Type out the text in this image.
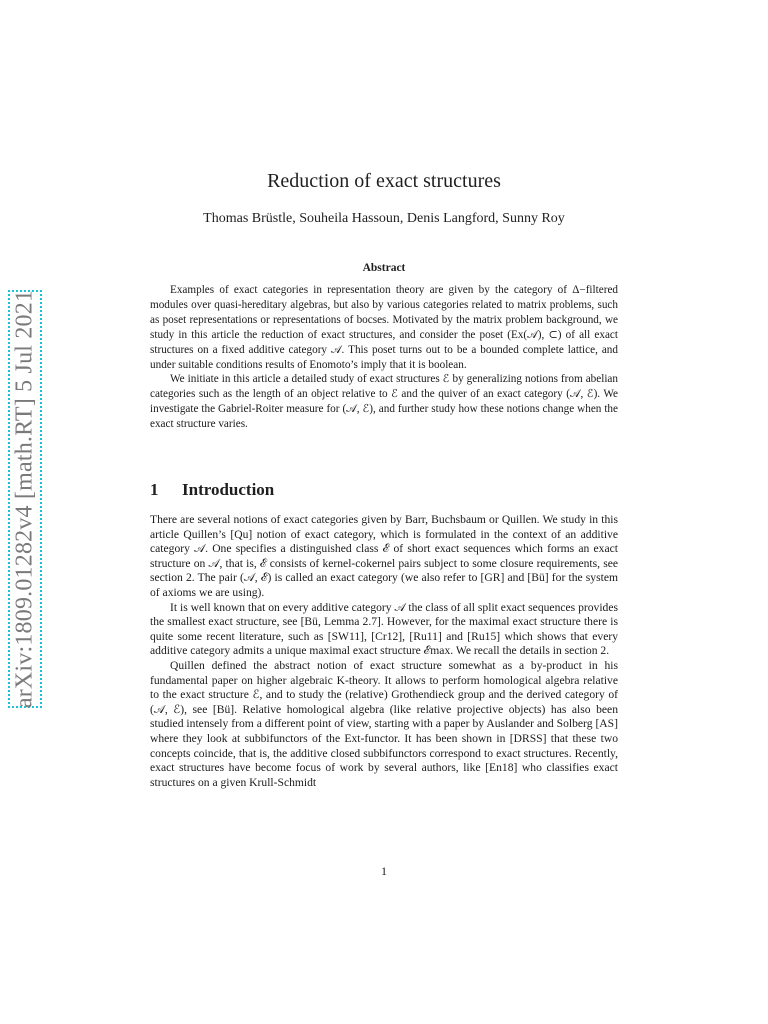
arXiv:1809.01282v4 [math.RT] 5 Jul 2021
Reduction of exact structures
Thomas Brüstle, Souheila Hassoun, Denis Langford, Sunny Roy
Abstract

Examples of exact categories in representation theory are given by the category of Δ−filtered modules over quasi-hereditary algebras, but also by various categories related to matrix problems, such as poset representations or representations of bocses. Motivated by the matrix problem background, we study in this article the reduction of exact structures, and consider the poset (Ex(𝒜), ⊂) of all exact structures on a fixed additive category 𝒜. This poset turns out to be a bounded complete lattice, and under suitable conditions results of Enomoto’s imply that it is boolean.

We initiate in this article a detailed study of exact structures ℰ by generalizing notions from abelian categories such as the length of an object relative to ℰ and the quiver of an exact category (𝒜, ℰ). We investigate the Gabriel-Roiter measure for (𝒜, ℰ), and further study how these notions change when the exact structure varies.

1 Introduction

There are several notions of exact categories given by Barr, Buchsbaum or Quillen. We study in this article Quillen’s [Qu] notion of exact category, which is formulated in the context of an additive category 𝒜. One specifies a distinguished class ℰ of short exact sequences which forms an exact structure on 𝒜, that is, ℰ consists of kernel-cokernel pairs subject to some closure requirements, see section 2. The pair (𝒜, ℰ) is called an exact category (we also refer to [GR] and [Bü] for the system of axioms we are using).

It is well known that on every additive category 𝒜 the class of all split exact sequences provides the smallest exact structure, see [Bü, Lemma 2.7]. However, for the maximal exact structure there is quite some recent literature, such as [SW11], [Cr12], [Ru11] and [Ru15] which shows that every additive category admits a unique maximal exact structure ℰmax. We recall the details in section 2.

Quillen defined the abstract notion of exact structure somewhat as a by-product in his fundamental paper on higher algebraic K-theory. It allows to perform homological algebra relative to the exact structure ℰ, and to study the (relative) Grothendieck group and the derived category of (𝒜, ℰ), see [Bü]. Relative homological algebra (like relative projective objects) has also been studied intensely from a different point of view, starting with a paper by Auslander and Solberg [AS] where they look at subbifunctors of the Ext-functor. It has been shown in [DRSS] that these two concepts coincide, that is, the additive closed subbifunctors correspond to exact structures. Recently, exact structures have become focus of work by several authors, like [En18] who classifies exact structures on a given Krull-Schmidt

1
